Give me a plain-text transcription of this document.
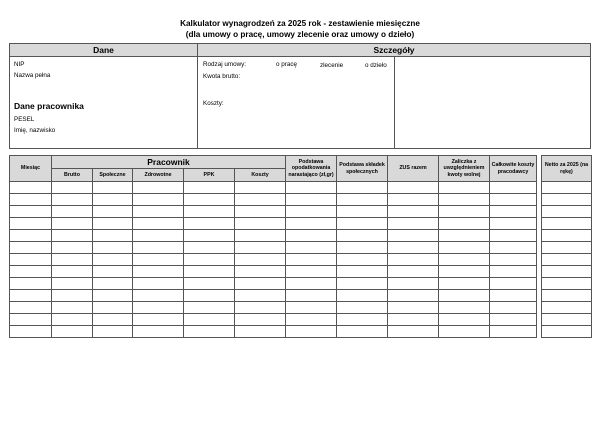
Kalkulator wynagrodzeń za 2025 rok - zestawienie miesięczne
(dla umowy o pracę, umowy zlecenie oraz umowy o dzieło)
Dane	Szczegóły
NIP
Nazwa pełna
Dane pracownika
PESEL
Imię, nazwisko
Rodzaj umowy:	o pracę	zlecenie	o dzieło
Kwota brutto:
Koszty:
Miesiąc	Pracownik					Podstawa opodatkowania narastająco (zł,gr)	Podstawa składek społecznych	ZUS razem	Zaliczka z uwzględnieniem kwoty wolnej	Całkowite koszty pracodawcy
	Brutto	Społeczne	Zdrowotne	PPK	Koszty					

Netto za 2025 (na rękę)
